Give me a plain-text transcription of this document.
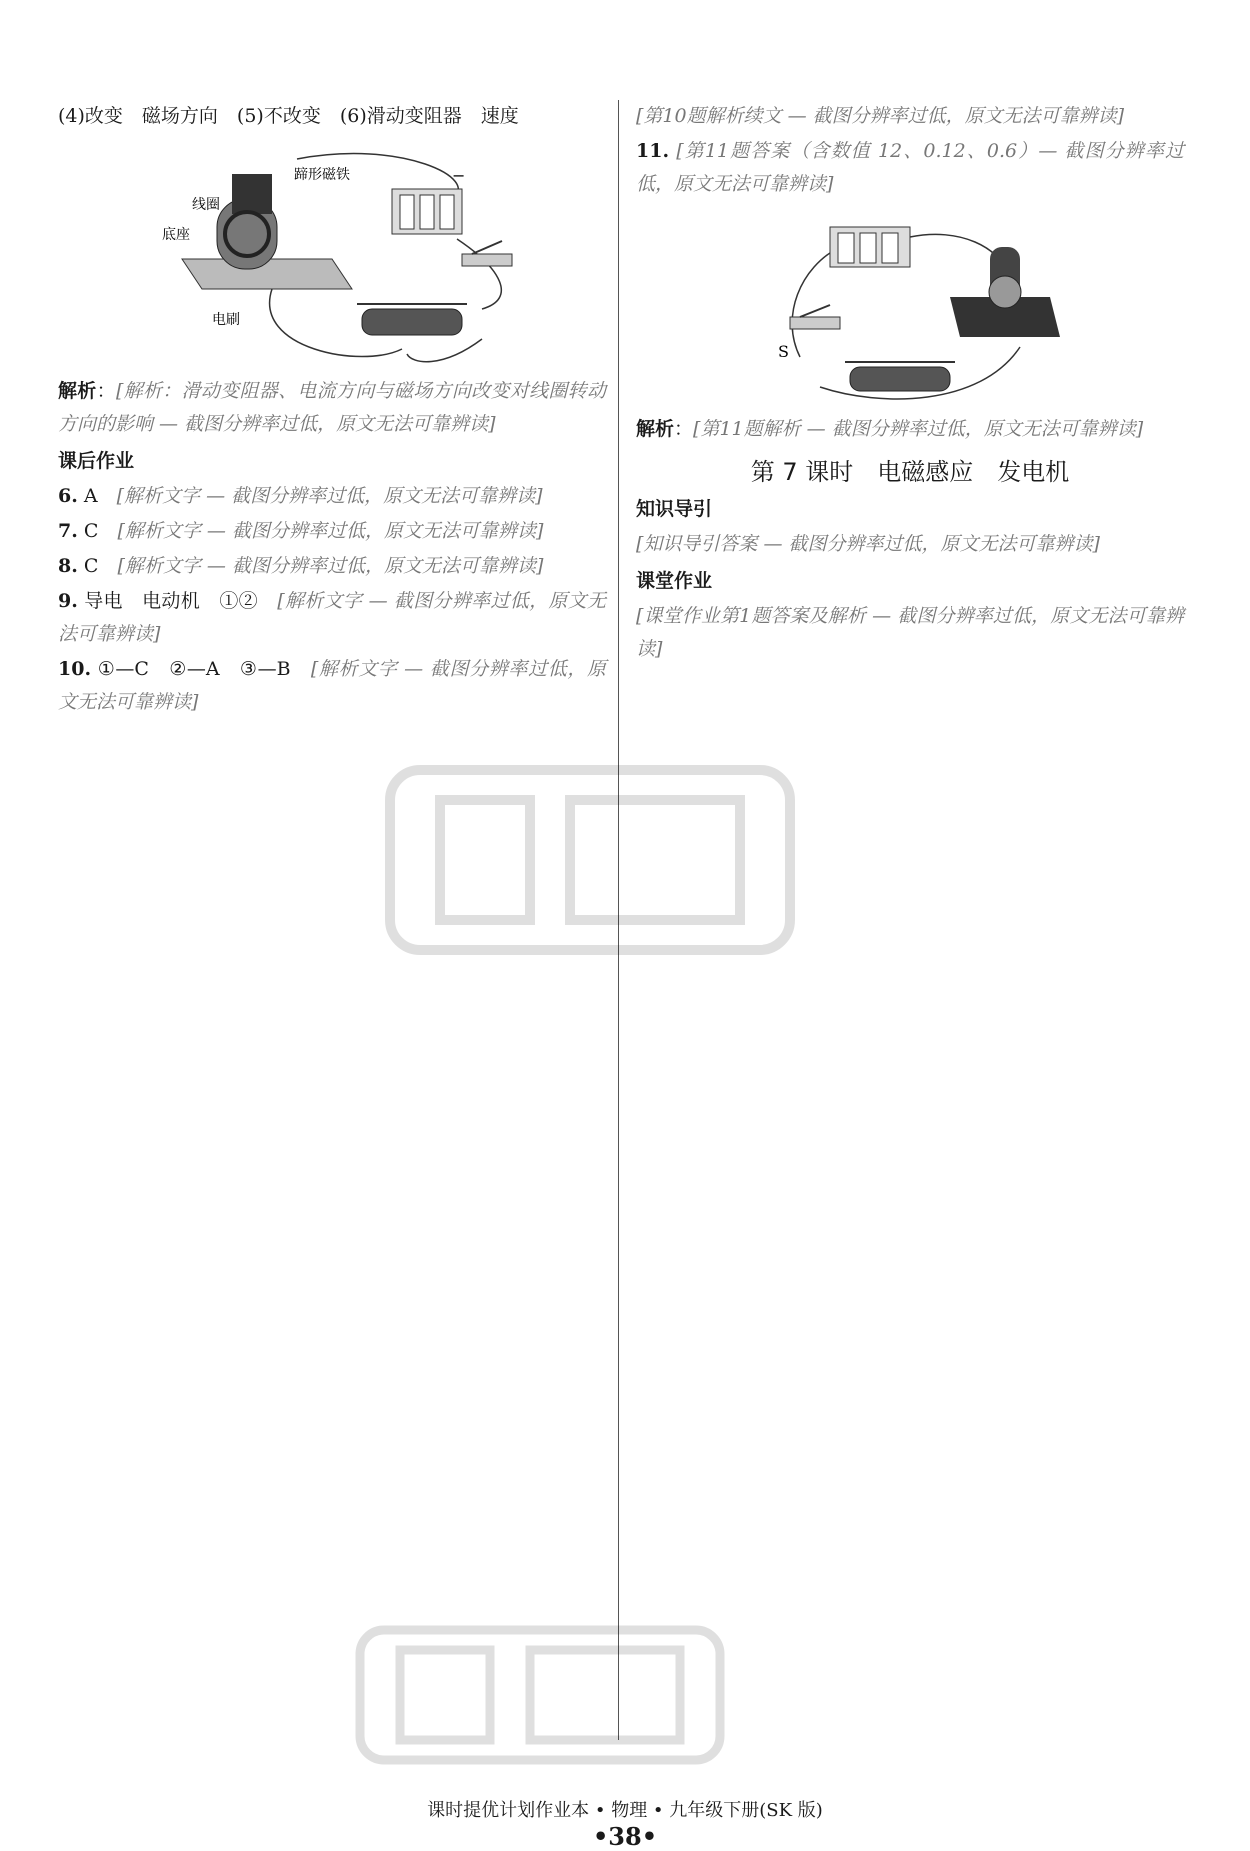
(4)改变　磁场方向　(5)不改变　(6)滑动变阻器　速度

线圈
蹄形磁铁
底座
电刷
−

解析：[解析：滑动变阻器、电流方向与磁场方向改变对线圈转动方向的影响 — 截图分辨率过低，原文无法可靠辨读]

课后作业

6. A　 [解析文字 — 截图分辨率过低，原文无法可靠辨读]

7. C　 [解析文字 — 截图分辨率过低，原文无法可靠辨读]

8. C　 [解析文字 — 截图分辨率过低，原文无法可靠辨读]

9. 导电　电动机　①②　 [解析文字 — 截图分辨率过低，原文无法可靠辨读]

10. ①—C　②—A　③—B　 [解析文字 — 截图分辨率过低，原文无法可靠辨读]

[第10题解析续文 — 截图分辨率过低，原文无法可靠辨读]

11. [第11题答案（含数值 12、0.12、0.6）— 截图分辨率过低，原文无法可靠辨读]

S

解析：[第11题解析 — 截图分辨率过低，原文无法可靠辨读]

第 7 课时　电磁感应　发电机
知识导引

[知识导引答案 — 截图分辨率过低，原文无法可靠辨读]

课堂作业

[课堂作业第1题答案及解析 — 截图分辨率过低，原文无法可靠辨读]

课时提优计划作业本 • 物理 • 九年级下册(SK 版)
•38•
